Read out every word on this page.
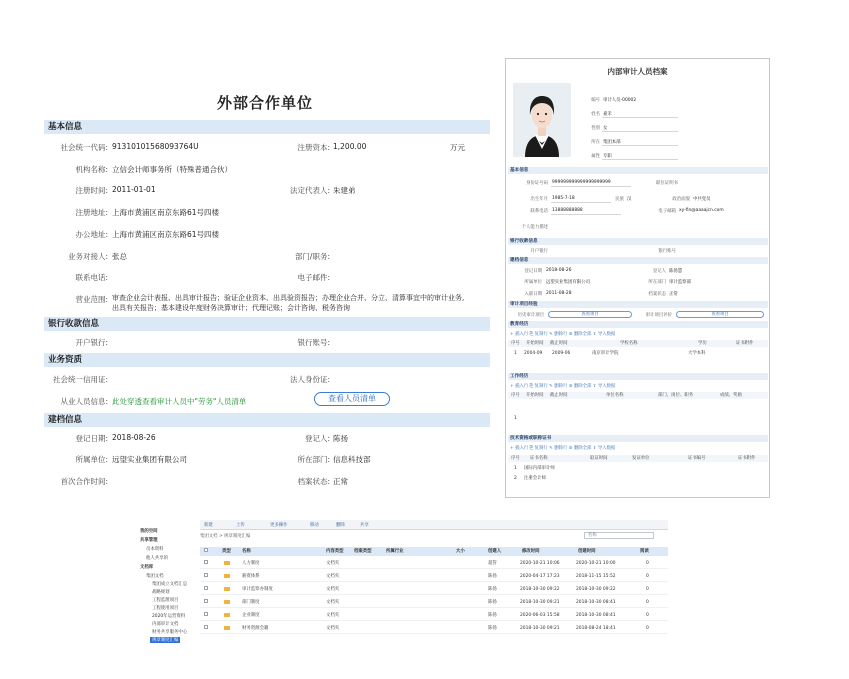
外部合作单位
基本信息
社会统一代码: 91310101568093764U	注册资本: 1,200.00	万元
机构名称: 立信会计师事务所（特殊普通合伙）
注册时间: 2011-01-01	法定代表人: 朱建弟
注册地址: 上海市黄浦区南京东路61号四楼
办公地址: 上海市黄浦区南京东路61号四楼
业务对接人: 张总	部门/职务:
联系电话:	电子邮件:
营业范围: 审查企业会计表报、出具审计报告；验证企业资本、出具验资报告；办理企业合并、分立、清算事宜中的审计业务,
出具有关报告；基本建设年度财务决算审计；代理记账；会计咨询、税务咨询
银行收款信息
开户银行:	银行账号:
业务资质
社会统一信用证:	法人身份证:
从业人员信息: 此处穿透查看审计人员中"劳务"人员清单	查看人员清单
建档信息
登记日期: 2018-08-26	登记人: 陈扬
所属单位: 远望实业集团有限公司	所在部门: 信息科技部
首次合作时间:	档案状态: 正常
内部审计人员档案
编号 审计人员-00002
姓名 嘉禾
性别 女
所在 集团本部
属性 专职
基本信息
身份证号码 999999999999999999999	职位证明书
出生年月 1985-7-18	民族 汉	政治面貌 中共党员
联系电话 13888888888	电子邮箱 xy-fin@aaaajcn.com
个人能力描述
银行收款信息
开户银行	银行账号
建档信息
登记日期 2018-08-26	登记人 陈扬慧
所属单位 远望实业集团有限公司	所在部门 审计监察部
入职日期 2011-08-28	档案状态 正常
审计项目经验
历史审计项目	查看项目	审计项目评价	查看项目
教育经历
+ 插入行 ⎘ 复制行 ✎ 删除行 ⊘ 删除全部 ⇪ 导入数据
序号 开始时间 截止时间	学校名称	学历	证书附件
1 2004-09 2009-06	南京审计学院	大学本科
工作经历
+ 插入行 ⎘ 复制行 ✎ 删除行 ⊘ 删除全部 ⇪ 导入数据
序号 开始时间 截止时间	单位名称	部门、岗位、职务	成绩、奖励
1
技术资格或职称证书
+ 插入行 ⎘ 复制行 ✎ 删除行 ⊘ 删除全部 ⇪ 导入数据
序号 证书名称	取证时间	发证单位	证书编号	证书附件
1 国际内部审计师
2 注册会计师
我的空间
共享管理
员本资料
他人共享的
文档库
集团文档
集团成立文档汇总
战略规划
工程监理项目
工程使用项目
2020年运营资料
内部审计文档
财务共享服务中心
规章制度汇编
新建	上传	更多操作	移动	删除	共享
集团文档 > 规章制度汇编	名称
类型	名称	内容类型 档案类型	所属行业	大小	创建人	修改时间	创建时间	阅读
人力制度	文档夹	超管	2020-10-21 10:06	2020-10-21 10:00	0
薪资体系	文档夹	陈扬	2020-04-17 17:23	2018-11-15 15:52	0
审计监察办制度	文档夹	陈扬	2018-10-30 09:22	2018-10-30 09:22	0
部门制度	文档夹	陈扬	2018-10-30 09:21	2018-10-30 08:41	0
企业制度	文档夹	陈扬	2020-06-03 15:58	2018-10-30 08:41	0
财务资源会籍	文档夹	陈扬	2018-10-30 09:21	2018-08-24 18:41	0
